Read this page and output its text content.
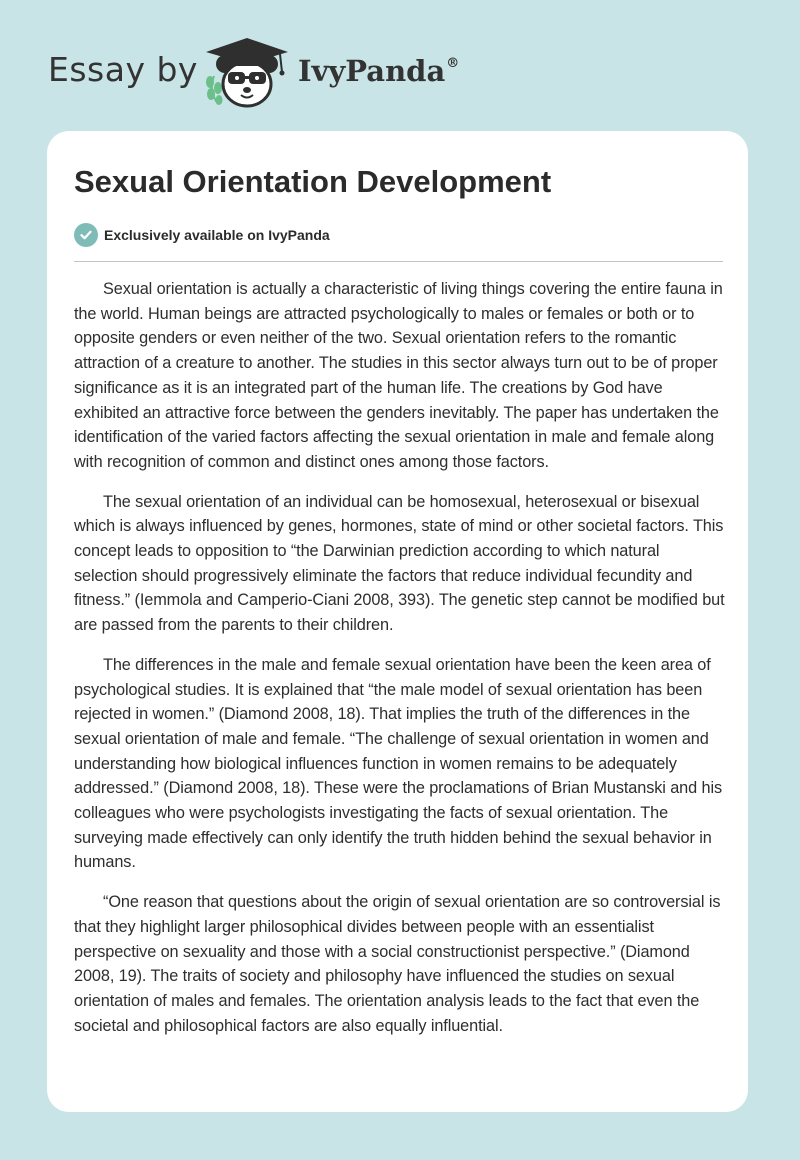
Essay by	IvyPanda®
Sexual Orientation Development
Exclusively available on IvyPanda

Sexual orientation is actually a characteristic of living things covering the entire fauna in the world. Human beings are attracted psychologically to males or females or both or to opposite genders or even neither of the two. Sexual orientation refers to the romantic attraction of a creature to another. The studies in this sector always turn out to be of proper significance as it is an integrated part of the human life. The creations by God have exhibited an attractive force between the genders inevitably. The paper has undertaken the identification of the varied factors affecting the sexual orientation in male and female along with recognition of common and distinct ones among those factors.

The sexual orientation of an individual can be homosexual, heterosexual or bisexual which is always influenced by genes, hormones, state of mind or other societal factors. This concept leads to opposition to “the Darwinian prediction according to which natural selection should progressively eliminate the factors that reduce individual fecundity and fitness.” (Iemmola and Camperio-Ciani 2008, 393). The genetic step cannot be modified but are passed from the parents to their children.

The differences in the male and female sexual orientation have been the keen area of psychological studies. It is explained that “the male model of sexual orientation has been rejected in women.” (Diamond 2008, 18). That implies the truth of the differences in the sexual orientation of male and female. “The challenge of sexual orientation in women and understanding how biological influences function in women remains to be adequately addressed.” (Diamond 2008, 18). These were the proclamations of Brian Mustanski and his colleagues who were psychologists investigating the facts of sexual orientation. The surveying made effectively can only identify the truth hidden behind the sexual behavior in humans.

“One reason that questions about the origin of sexual orientation are so controversial is that they highlight larger philosophical divides between people with an essentialist perspective on sexuality and those with a social constructionist perspective.” (Diamond 2008, 19). The traits of society and philosophy have influenced the studies on sexual orientation of males and females. The orientation analysis leads to the fact that even the societal and philosophical factors are also equally influential.
